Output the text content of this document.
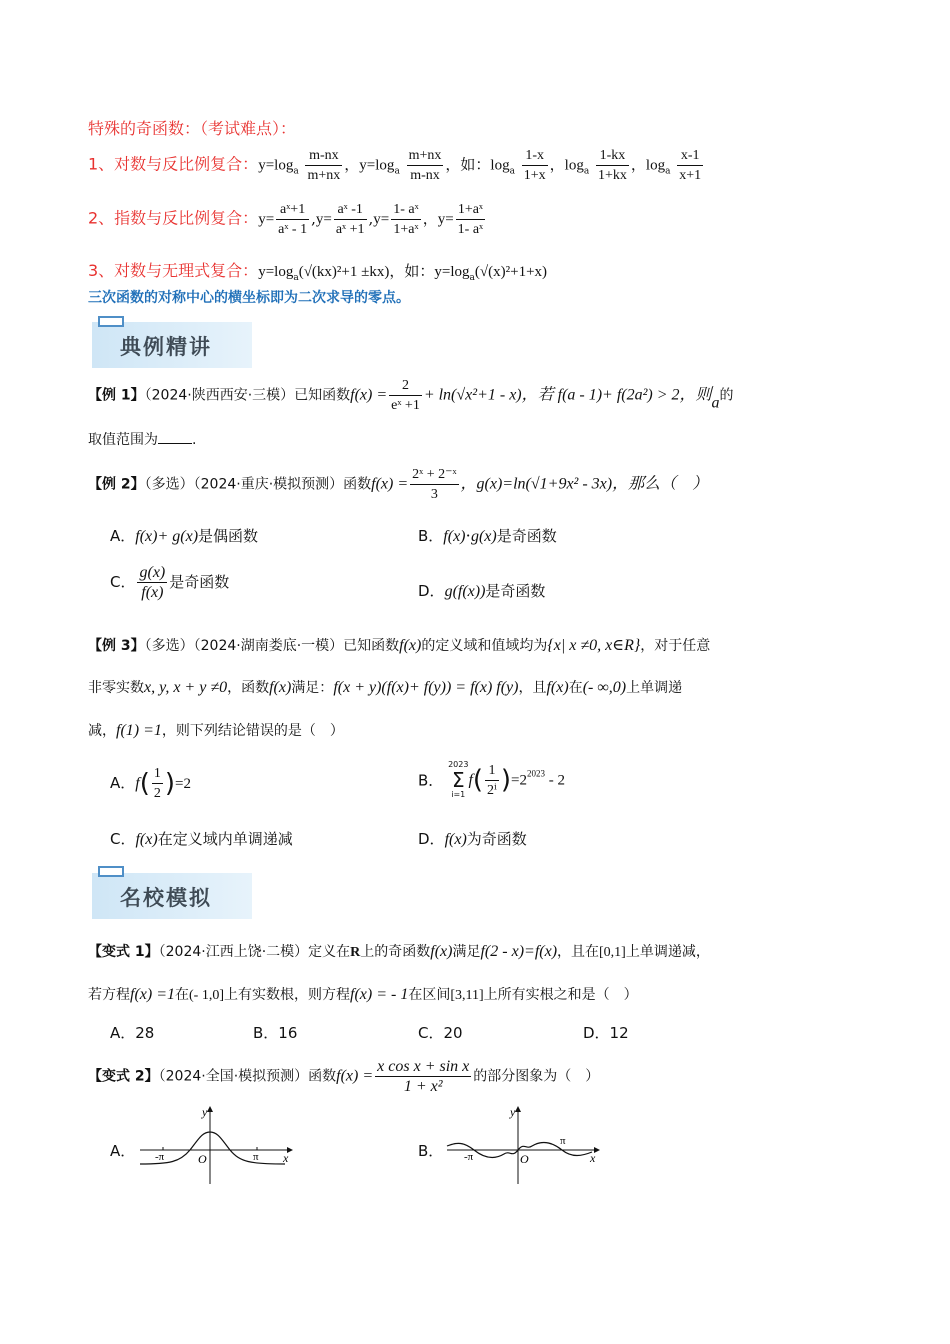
特殊的奇函数：（考试难点）：
1、对数与反比例复合：$y=\log_a \frac{m-nx}{m+nx}$ ，$y=\log_a \frac{m+nx}{m-nx}$ ，如：$\log_a \frac{1-x}{1+x}$ ，$\log_a \frac{1-kx}{1+kx}$ ，$\log_a \frac{x-1}{x+1}$
2、指数与反比例复合：$y= \frac{\text{aˣ+1}}{\text{aˣ - 1}} ,y= \frac{\text{aˣ -1}}{\text{aˣ +1}} ,y= \frac{\text{1- aˣ}}{\text{1+aˣ}}$ ，$y= \frac{\text{1+aˣ}}{\text{1- aˣ}}$
3、对数与无理式复合：$y=\log_a(√(kx)^2+1 \pm kx)$，如：$y=\log_a(√(x)^2+1+x)$
三次函数的对称中心的横坐标即为二次求导的零点。
典例精讲
【例 1】（2024·陕西西安·三模）已知函数$f(x) = \frac{2}{\text{eˣ +1}} + \ln(√x^2+1 - x)$，若 f(a - 1)+ f(2a²) > 2，则a的
取值范围为 .
【例 2】（多选）（2024·重庆·模拟预测）函数$f(x) = \frac{\text{2ˣ + 2⁻ˣ}}{3}$ ，g(x)=ln(√1+9x² - 3x)，那么（　）
A．f(x)+ g(x)是偶函数	B．f(x)⋅g(x)是奇函数
C． $\frac{g(x)}{f(x)}$ 是奇函数	D．g(f(x))是奇函数
【例 3】（多选）（2024·湖南娄底·一模）已知函数f(x)的定义域和值域均为{x| x ≠0, x∈R}，对于任意
非零实数x, y, x + y ≠0，函数f(x)满足：f(x + y)(f(x)+ f(y)) = f(x) f(y)，且f(x)在(- ∞,0)上单调递
减，f(1) =1，则下列结论错误的是（　）
A．$f( \frac{1}{2} )=2$	B．
2023
Σ
i=1
$f( \frac{1}{\text{2ⁱ}} )=2^{2023} - 2$
C．f(x)在定义域内单调递减	D．f(x)为奇函数
名校模拟
【变式 1】（2024·江西上饶·二模）定义在R上的奇函数f(x)满足f(2 - x)=f(x)，且在[0,1]上单调递减，
若方程f(x) =1在(- 1,0]上有实数根，则方程f(x) = - 1在区间[3,11]上所有实根之和是（　）
A．28	B．16	C．20	D．12
【变式 2】（2024·全国·模拟预测）函数$f(x) = \frac{\text{x cos x + sin x}}{\text{1 + x²}}$ 的部分图象为（　）
A．
y
x
O
-π	π	B．
y
x
O
-π
π
